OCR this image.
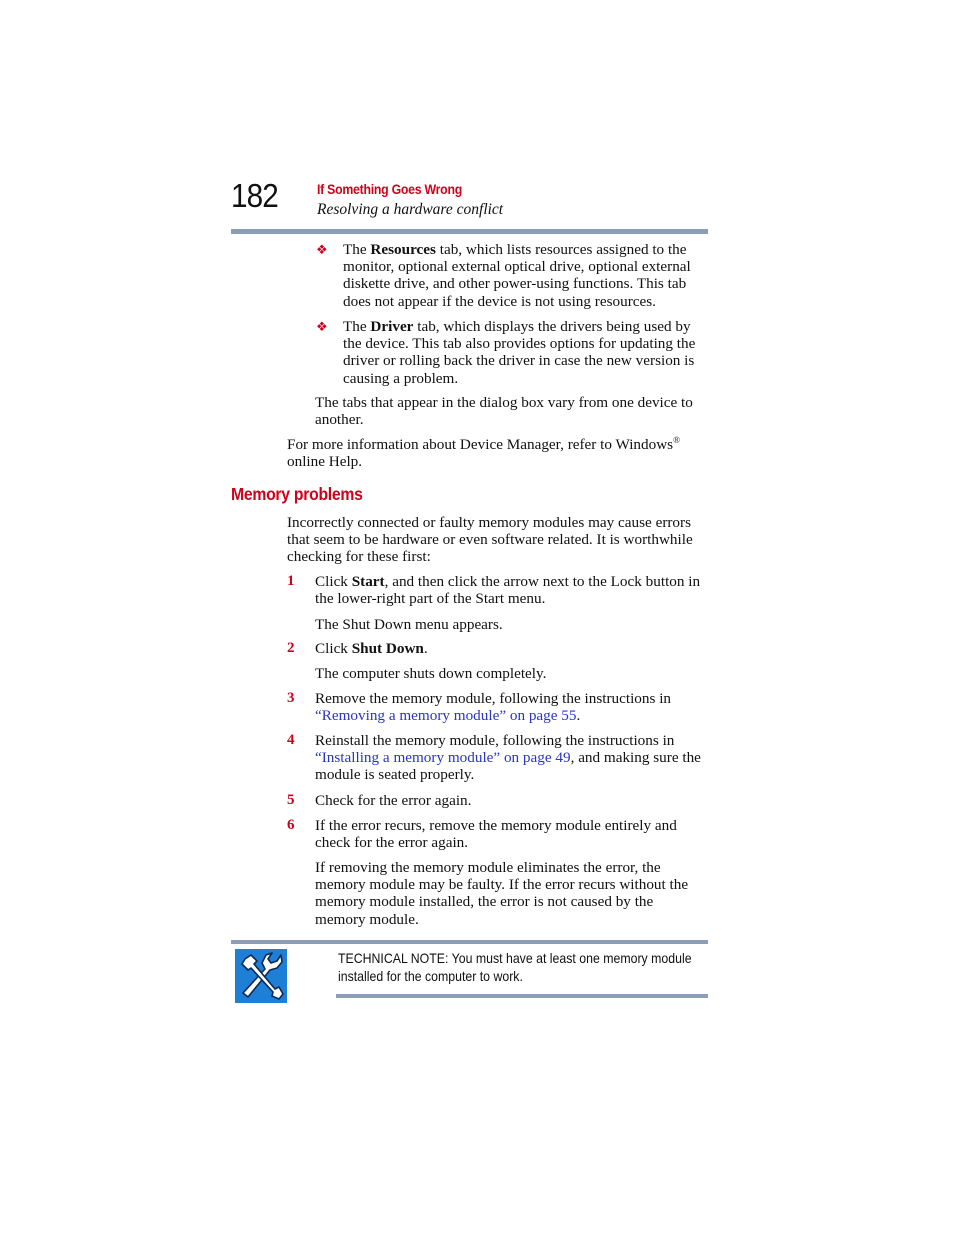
182	If Something Goes Wrong
Resolving a hardware conflict
❖ The Resources tab, which lists resources assigned to the
monitor, optional external optical drive, optional external
diskette drive, and other power-using functions. This tab
does not appear if the device is not using resources.
❖ The Driver tab, which displays the drivers being used by
the device. This tab also provides options for updating the
driver or rolling back the driver in case the new version is
causing a problem.
The tabs that appear in the dialog box vary from one device to
another.
For more information about Device Manager, refer to Windows®
online Help.
Memory problems
Incorrectly connected or faulty memory modules may cause errors
that seem to be hardware or even software related. It is worthwhile
checking for these first:
1 Click Start, and then click the arrow next to the Lock button in
the lower-right part of the Start menu.
The Shut Down menu appears.
2 Click Shut Down.
The computer shuts down completely.
3 Remove the memory module, following the instructions in
“Removing a memory module” on page 55.
4 Reinstall the memory module, following the instructions in
“Installing a memory module” on page 49, and making sure the
module is seated properly.
5 Check for the error again.
6 If the error recurs, remove the memory module entirely and
check for the error again.
If removing the memory module eliminates the error, the
memory module may be faulty. If the error recurs without the
memory module installed, the error is not caused by the
memory module.
TECHNICAL NOTE: You must have at least one memory module
installed for the computer to work.
